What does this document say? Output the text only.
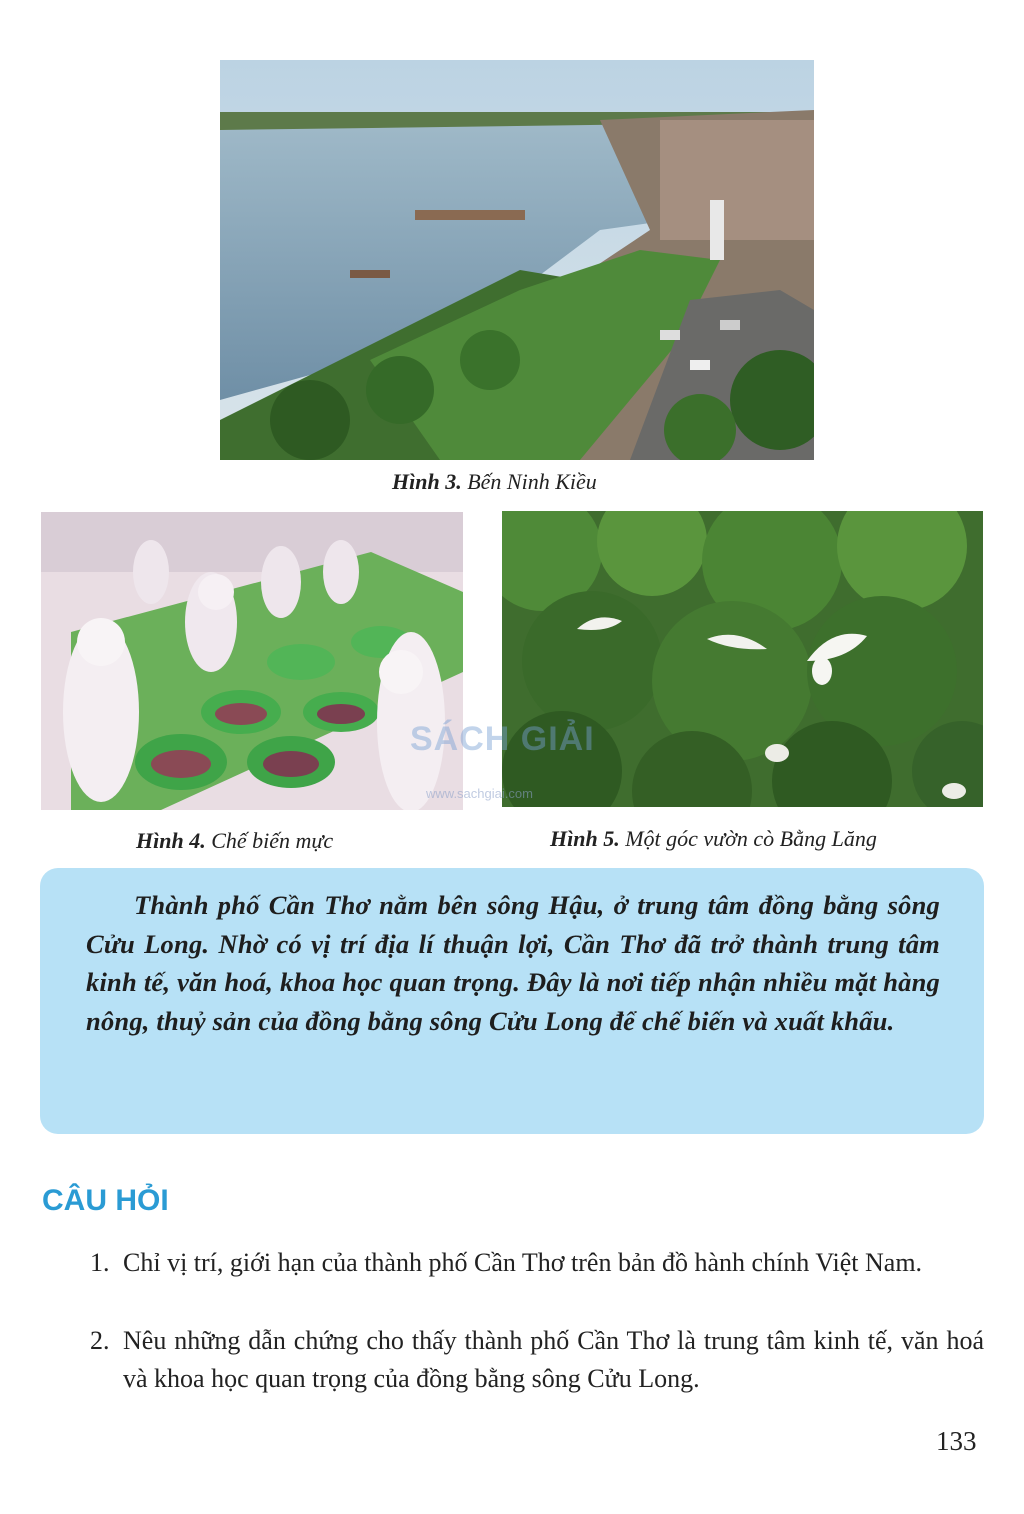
Hình 3. Bến Ninh Kiều
Hình 4. Chế biến mực	Hình 5. Một góc vườn cò Bằng Lăng
SÁCH GIẢI
www.sachgiai.com

Thành phố Cần Thơ nằm bên sông Hậu, ở trung tâm đồng bằng sông Cửu Long. Nhờ có vị trí địa lí thuận lợi, Cần Thơ đã trở thành trung tâm kinh tế, văn hoá, khoa học quan trọng. Đây là nơi tiếp nhận nhiều mặt hàng nông, thuỷ sản của đồng bằng sông Cửu Long để chế biến và xuất khẩu.

CÂU HỎI

1. Chỉ vị trí, giới hạn của thành phố Cần Thơ trên bản đồ hành chính Việt Nam.

2. Nêu những dẫn chứng cho thấy thành phố Cần Thơ là trung tâm kinh tế, văn hoá và khoa học quan trọng của đồng bằng sông Cửu Long.

133
